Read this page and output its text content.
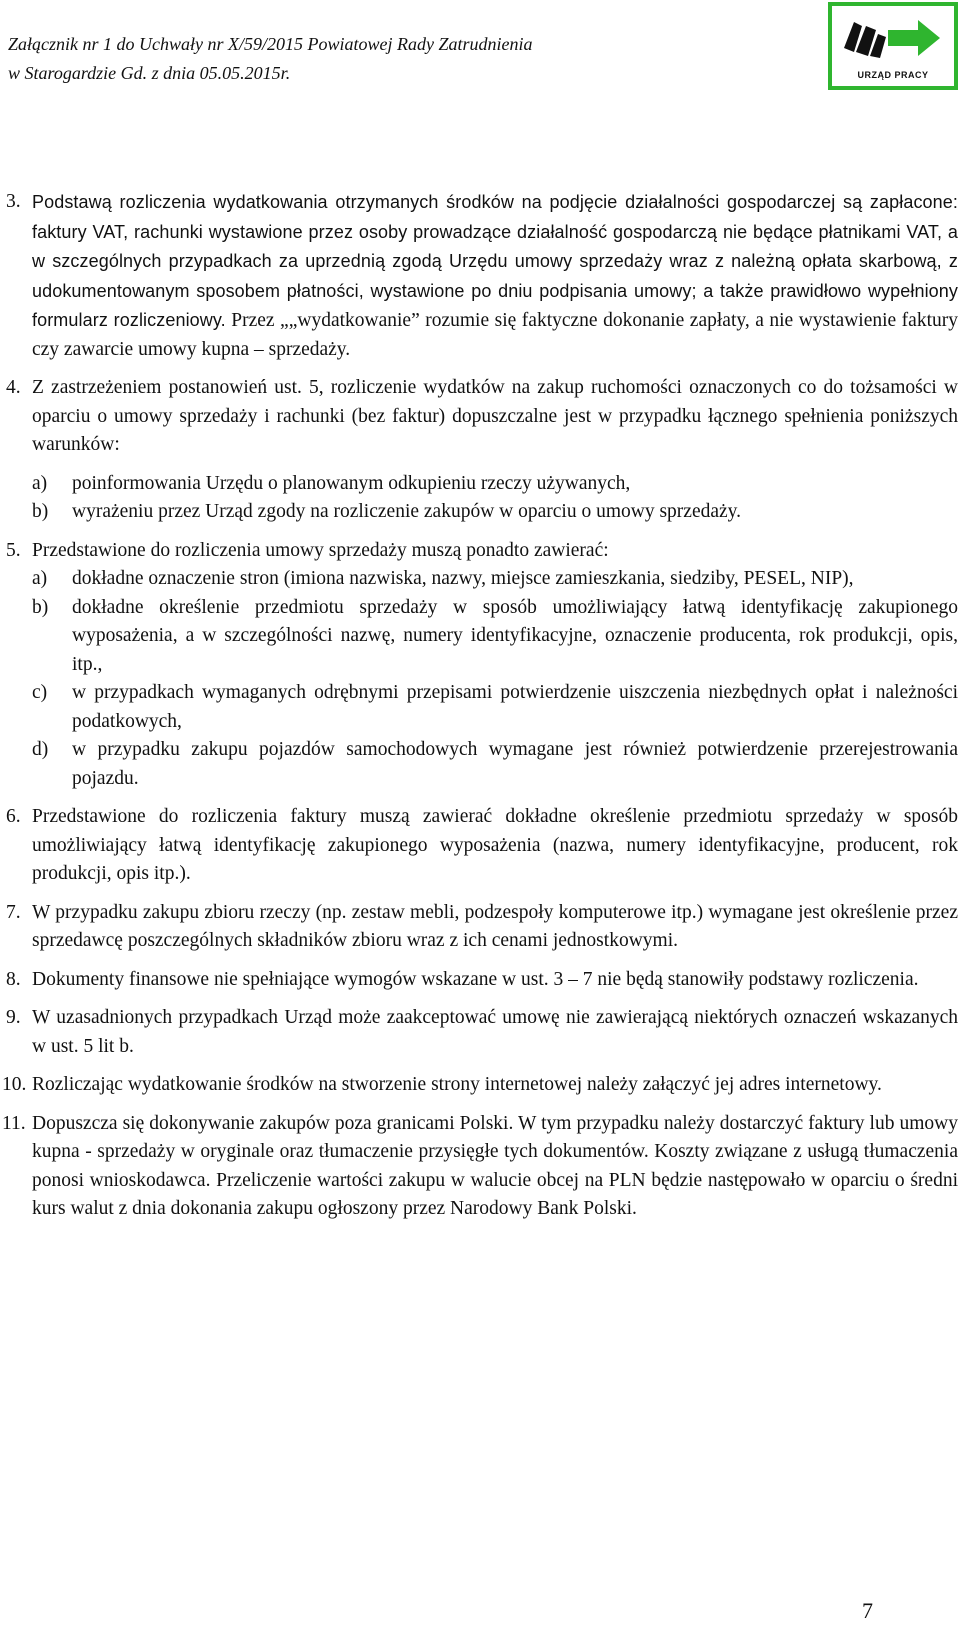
Załącznik nr 1 do Uchwały nr X/59/2015 Powiatowej Rady Zatrudnienia
w Starogardzie Gd. z dnia 05.05.2015r.	URZĄD PRACY
3. Podstawą rozliczenia wydatkowania otrzymanych środków na podjęcie działalności gospodarczej są zapłacone: faktury VAT, rachunki wystawione przez osoby prowadzące działalność gospodarczą nie będące płatnikami VAT, a w szczególnych przypadkach za uprzednią zgodą Urzędu umowy sprzedaży wraz z należną opłata skarbową, z udokumentowanym sposobem płatności, wystawione po dniu podpisania umowy; a także prawidłowo wypełniony formularz rozliczeniowy. Przez „„wydatkowanie” rozumie się faktyczne dokonanie zapłaty, a nie wystawienie faktury czy zawarcie umowy kupna – sprzedaży.

4. Z zastrzeżeniem postanowień ust. 5, rozliczenie wydatków na zakup ruchomości oznaczonych co do tożsamości w oparciu o umowy sprzedaży i rachunki (bez faktur) dopuszczalne jest w przypadku łącznego spełnienia poniższych warunków:

a) poinformowania Urzędu o planowanym odkupieniu rzeczy używanych,
b) wyrażeniu przez Urząd zgody na rozliczenie zakupów w oparciu o umowy sprzedaży.
5. Przedstawione do rozliczenia umowy sprzedaży muszą ponadto zawierać:

a) dokładne oznaczenie stron (imiona nazwiska, nazwy, miejsce zamieszkania, siedziby, PESEL, NIP),
b) dokładne określenie przedmiotu sprzedaży w sposób umożliwiający łatwą identyfikację zakupionego wyposażenia, a w szczególności nazwę, numery identyfikacyjne, oznaczenie producenta, rok produkcji, opis, itp.,
c) w przypadkach wymaganych odrębnymi przepisami potwierdzenie uiszczenia niezbędnych opłat i należności podatkowych,
d) w przypadku zakupu pojazdów samochodowych wymagane jest również potwierdzenie przerejestrowania pojazdu.
6. Przedstawione do rozliczenia faktury muszą zawierać dokładne określenie przedmiotu sprzedaży w sposób umożliwiający łatwą identyfikację zakupionego wyposażenia (nazwa, numery identyfikacyjne, producent, rok produkcji, opis itp.).

7. W przypadku zakupu zbioru rzeczy (np. zestaw mebli, podzespoły komputerowe itp.) wymagane jest określenie przez sprzedawcę poszczególnych składników zbioru wraz z ich cenami jednostkowymi.

8. Dokumenty finansowe nie spełniające wymogów wskazane w ust. 3 – 7 nie będą stanowiły podstawy rozliczenia.

9. W uzasadnionych przypadkach Urząd może zaakceptować umowę nie zawierającą niektórych oznaczeń wskazanych w ust. 5 lit b.

10. Rozliczając wydatkowanie środków na stworzenie strony internetowej należy załączyć jej adres internetowy.

11. Dopuszcza się dokonywanie zakupów poza granicami Polski. W tym przypadku należy dostarczyć faktury lub umowy kupna - sprzedaży w oryginale oraz tłumaczenie przysięgłe tych dokumentów. Koszty związane z usługą tłumaczenia ponosi wnioskodawca. Przeliczenie wartości zakupu w walucie obcej na PLN będzie następowało w oparciu o średni kurs walut z dnia dokonania zakupu ogłoszony przez Narodowy Bank Polski.

7
